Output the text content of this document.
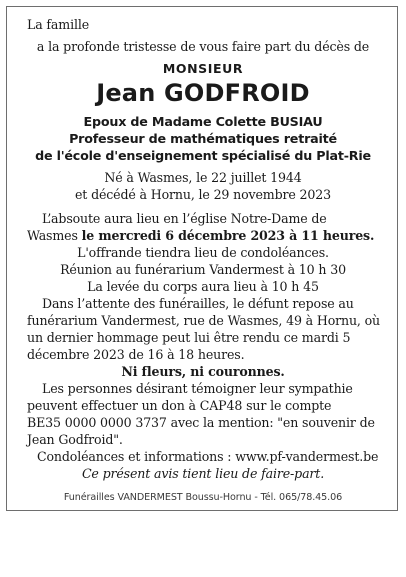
La famille
a la profonde tristesse de vous faire part du décès de
MONSIEUR
Jean GODFROID
Epoux de Madame Colette BUSIAU
Professeur de mathématiques retraité
de l'école d'enseignement spécialisé du Plat-Rie
Né à Wasmes, le 22 juillet 1944
et décédé à Hornu, le 29 novembre 2023
L’absoute aura lieu en l’église Notre-Dame de
Wasmes le mercredi 6 décembre 2023 à 11 heures.
L'offrande tiendra lieu de condoléances.
Réunion au funérarium Vandermest à 10 h 30
La levée du corps aura lieu à 10 h 45
Dans l’attente des funérailles, le défunt repose au
funérarium Vandermest, rue de Wasmes, 49 à Hornu, où
un dernier hommage peut lui être rendu ce mardi 5
décembre 2023 de 16 à 18 heures.
Ni fleurs, ni couronnes.
Les personnes désirant témoigner leur sympathie
peuvent effectuer un don à CAP48 sur le compte
BE35 0000 0000 3737 avec la mention: "en souvenir de
Jean Godfroid".
Condoléances et informations : www.pf-vandermest.be
Ce présent avis tient lieu de faire-part.
Funérailles VANDERMEST Boussu-Hornu - Tél. 065/78.45.06
